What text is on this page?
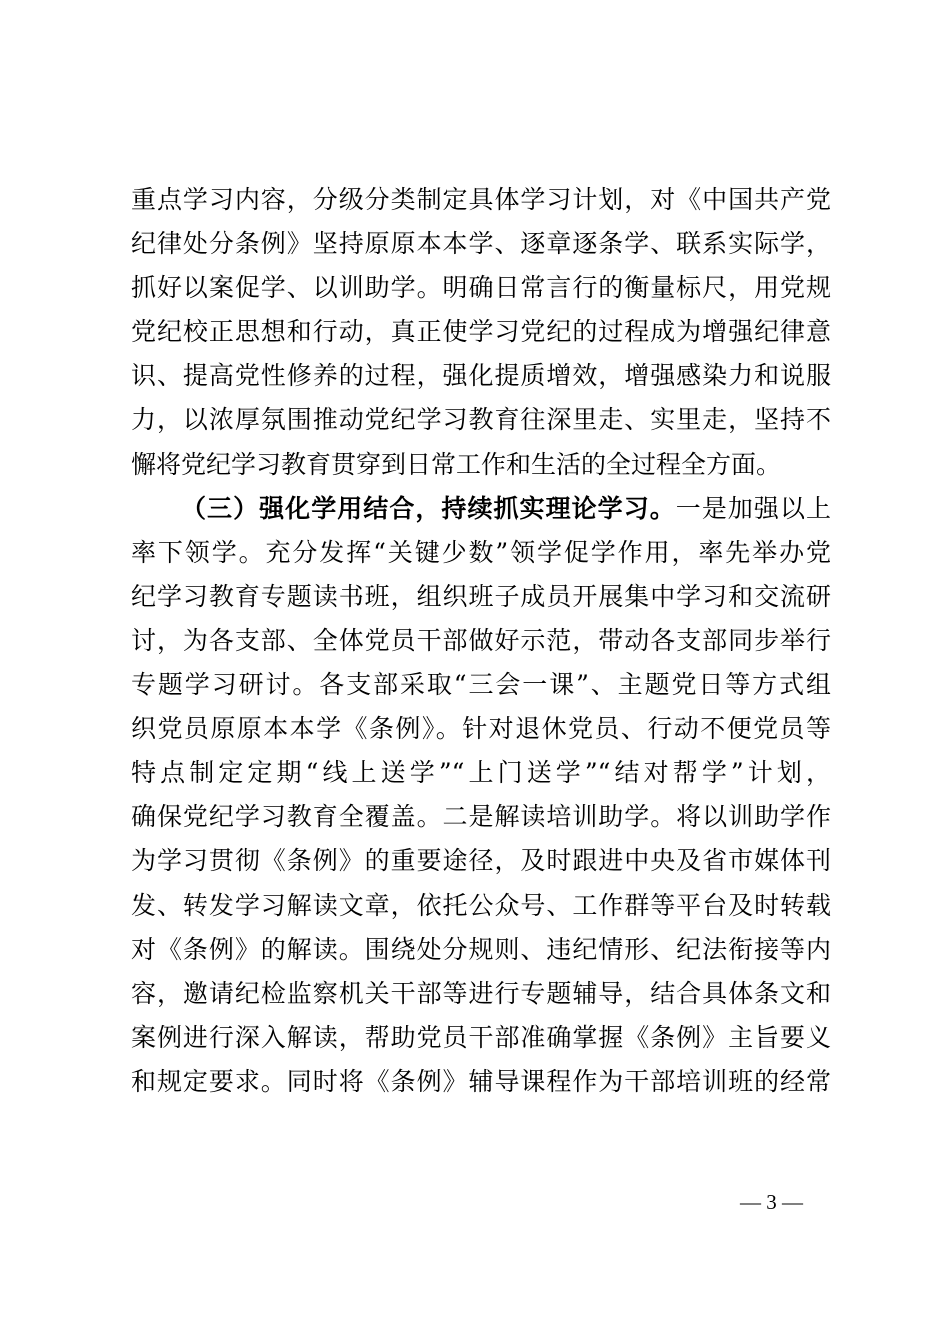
重点学习内容，分级分类制定具体学习计划，对《中国共产党
纪律处分条例》坚持原原本本学、逐章逐条学、联系实际学，
抓好以案促学、以训助学。明确日常言行的衡量标尺，用党规
党纪校正思想和行动，真正使学习党纪的过程成为增强纪律意
识、提高党性修养的过程，强化提质增效，增强感染力和说服
力，以浓厚氛围推动党纪学习教育往深里走、实里走，坚持不
懈将党纪学习教育贯穿到日常工作和生活的全过程全方面。
（三）强化学用结合，持续抓实理论学习。一是加强以上
率下领学。充分发挥“关键少数”领学促学作用，率先举办党
纪学习教育专题读书班，组织班子成员开展集中学习和交流研
讨，为各支部、全体党员干部做好示范，带动各支部同步举行
专题学习研讨。各支部采取“三会一课”、主题党日等方式组
织党员原原本本学《条例》。针对退休党员、行动不便党员等
特点制定定期“线上送学”“上门送学”“结对帮学”计划，
确保党纪学习教育全覆盖。二是解读培训助学。将以训助学作
为学习贯彻《条例》的重要途径，及时跟进中央及省市媒体刊
发、转发学习解读文章，依托公众号、工作群等平台及时转载
对《条例》的解读。围绕处分规则、违纪情形、纪法衔接等内
容，邀请纪检监察机关干部等进行专题辅导，结合具体条文和
案例进行深入解读，帮助党员干部准确掌握《条例》主旨要义
和规定要求。同时将《条例》辅导课程作为干部培训班的经常
— 3 —
